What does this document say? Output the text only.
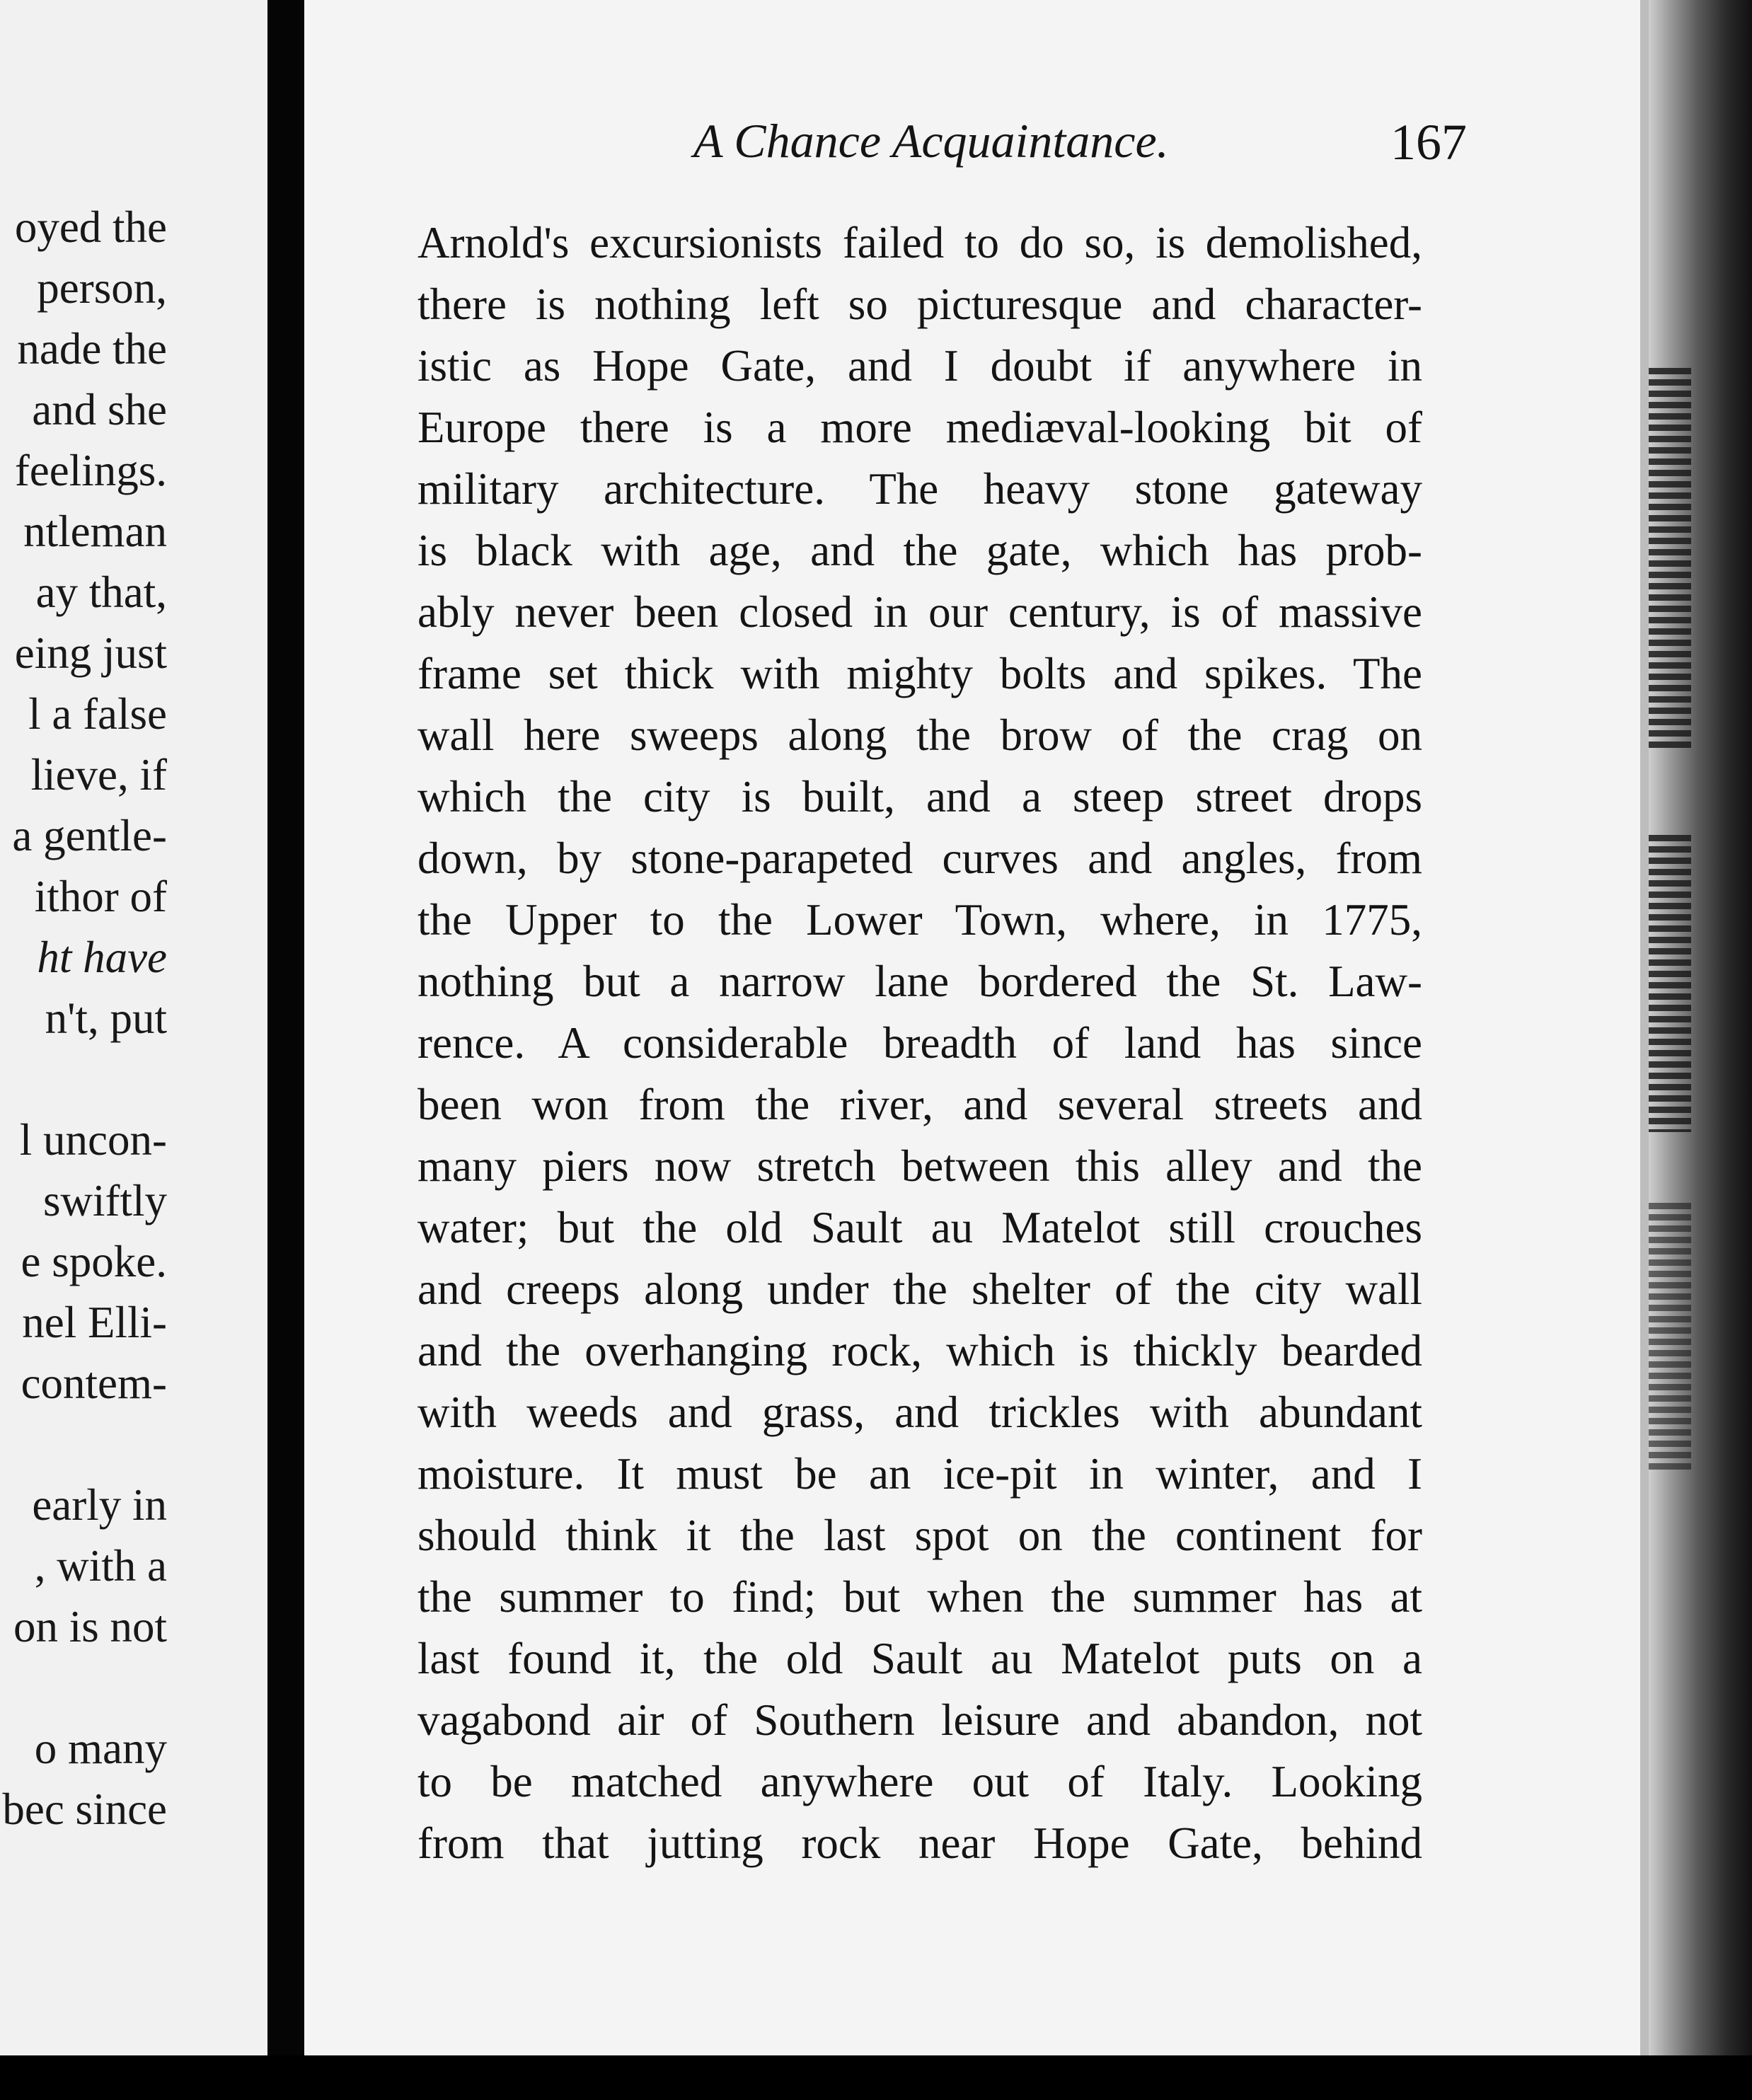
oyed the
person,
nade the
and she
feelings.
ntleman
ay that,
eing just
l a false
lieve, if
a gentle-
ithor of
ht have
n't, put
l uncon-
swiftly
e spoke.
nel Elli-
contem-
early in
, with a
on is not
o many
bec since
A Chance Acquaintance.	167
Arnold's excursionists failed to do so, is demolished,
there is nothing left so picturesque and character-
istic as Hope Gate, and I doubt if anywhere in
Europe there is a more mediæval-looking bit of
military architecture. The heavy stone gateway
is black with age, and the gate, which has prob-
ably never been closed in our century, is of massive
frame set thick with mighty bolts and spikes. The
wall here sweeps along the brow of the crag on
which the city is built, and a steep street drops
down, by stone-parapeted curves and angles, from
the Upper to the Lower Town, where, in 1775,
nothing but a narrow lane bordered the St. Law-
rence. A considerable breadth of land has since
been won from the river, and several streets and
many piers now stretch between this alley and the
water; but the old Sault au Matelot still crouches
and creeps along under the shelter of the city wall
and the overhanging rock, which is thickly bearded
with weeds and grass, and trickles with abundant
moisture. It must be an ice-pit in winter, and I
should think it the last spot on the continent for
the summer to find; but when the summer has at
last found it, the old Sault au Matelot puts on a
vagabond air of Southern leisure and abandon, not
to be matched anywhere out of Italy. Looking
from that jutting rock near Hope Gate, behind
